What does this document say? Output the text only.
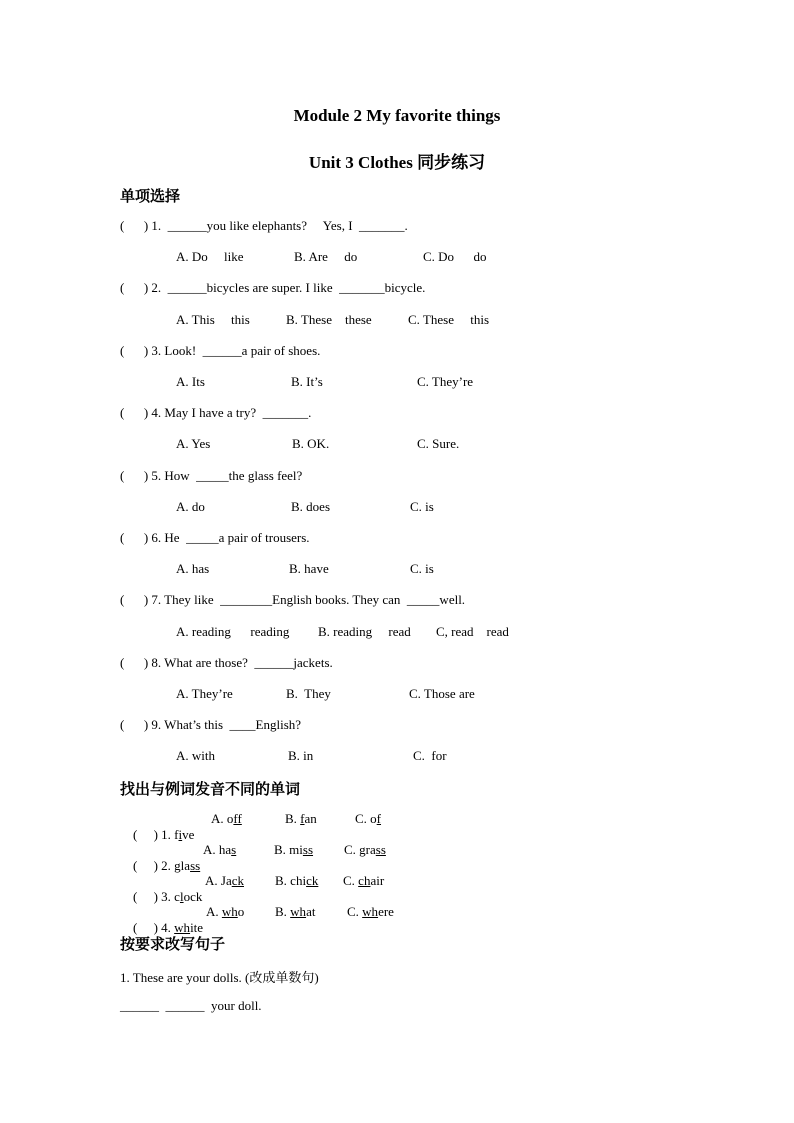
Module 2 My favorite things
Unit 3 Clothes 同步练习
单项选择
(      ) 1.  ______you like elephants?     Yes, I  _______.
A. Do     like	B. Are     do	C. Do      do
(      ) 2.  ______bicycles are super. I like  _______bicycle.
A. This     this	B. These    these	C. These     this
(      ) 3. Look!  ______a pair of shoes.
A. Its	B. It’s	C. They’re
(      ) 4. May I have a try?  _______.
A. Yes	B. OK.	C. Sure.
(      ) 5. How  _____the glass feel?
A. do	B. does	C. is
(      ) 6. He  _____a pair of trousers.
A. has	B. have	C. is
(      ) 7. They like  ________English books. They can  _____well.
A. reading      reading B. reading     read C, read    read
(      ) 8. What are those?  ______jackets.
A. They’re	B.  They	C. Those are
(      ) 9. What’s this  ____English?
A. with	B. in	C.  for
找出与例词发音不同的单词

(     ) 1. five

A. off	B. fan	C. of

(     ) 2. glass

A. has	B. miss C. grass

(     ) 3. clock

A. Jack B. chick C. chair

(     ) 4. white

A. who B. what C. where
按要求改写句子
1. These are your dolls. (改成单数句)
______  ______  your doll.
